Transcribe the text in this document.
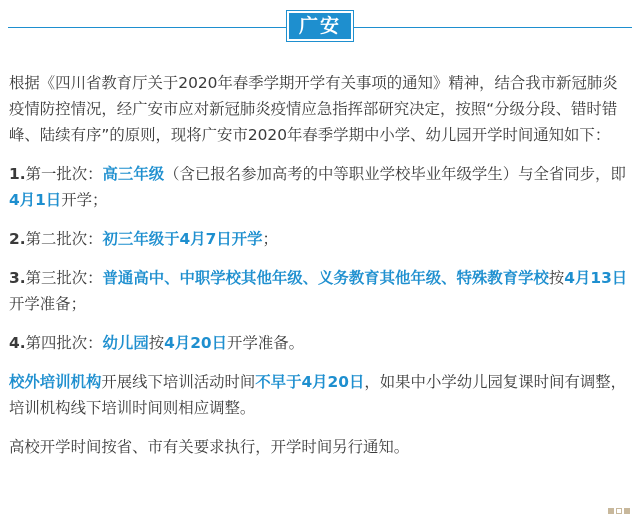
广安

根据《四川省教育厅关于2020年春季学期开学有关事项的通知》精神，结合我市新冠肺炎疫情防控情况，经广安市应对新冠肺炎疫情应急指挥部研究决定，按照“分级分段、错时错峰、陆续有序”的原则，现将广安市2020年春季学期中小学、幼儿园开学时间通知如下：

1.第一批次：高三年级（含已报名参加高考的中等职业学校毕业年级学生）与全省同步，即4月1日开学；

2.第二批次：初三年级于4月7日开学；

3.第三批次：普通高中、中职学校其他年级、义务教育其他年级、特殊教育学校按4月13日开学准备；

4.第四批次：幼儿园按4月20日开学准备。

校外培训机构开展线下培训活动时间不早于4月20日，如果中小学幼儿园复课时间有调整，培训机构线下培训时间则相应调整。

高校开学时间按省、市有关要求执行，开学时间另行通知。
